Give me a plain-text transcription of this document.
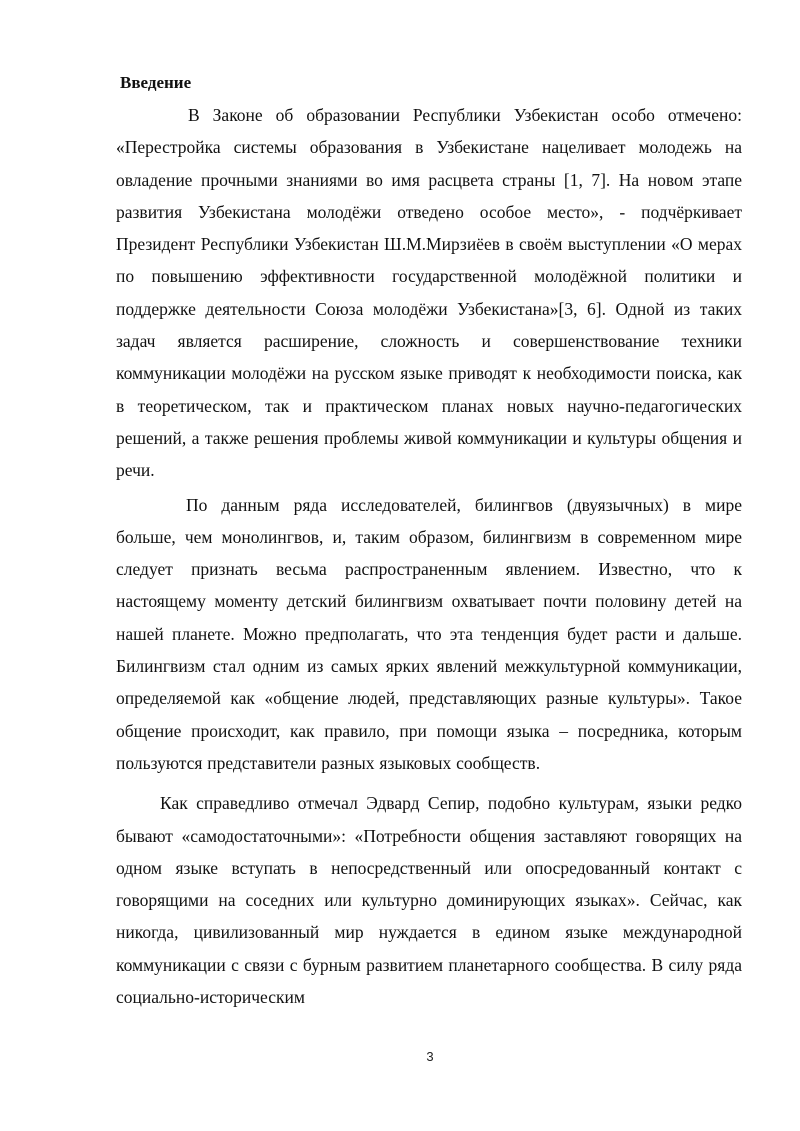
Введение

В Законе об образовании Республики Узбекистан особо отмечено: «Перестройка системы образования в Узбекистане нацеливает молодежь на овладение прочными знаниями во имя расцвета страны [1, 7]. На новом этапе развития Узбекистана молодёжи отведено особое место», - подчёркивает Президент Республики Узбекистан Ш.М.Мирзиёев в своём выступлении «О мерах по повышению эффективности государственной молодёжной политики и поддержке деятельности Союза молодёжи Узбекистана»[3, 6]. Одной из таких задач является расширение, сложность и совершенствование техники коммуникации молодёжи на русском языке приводят к необходимости поиска, как в теоретическом, так и практическом планах новых научно-педагогических решений, а также решения проблемы живой коммуникации и культуры общения и речи.

По данным ряда исследователей, билингвов (двуязычных) в мире больше, чем монолингвов, и, таким образом, билингвизм в современном мире следует признать весьма распространенным явлением. Известно, что к настоящему моменту детский билингвизм охватывает почти половину детей на нашей планете. Можно предполагать, что эта тенденция будет расти и дальше. Билингвизм стал одним из самых ярких явлений межкультурной коммуникации, определяемой как «общение людей, представляющих разные культуры». Такое общение происходит, как правило, при помощи языка – посредника, которым пользуются представители разных языковых сообществ.

Как справедливо отмечал Эдвард Сепир, подобно культурам, языки редко бывают «самодостаточными»: «Потребности общения заставляют говорящих на одном языке вступать в непосредственный или опосредованный контакт с говорящими на соседних или культурно доминирующих языках». Сейчас, как никогда, цивилизованный мир нуждается в едином языке международной коммуникации с связи с бурным развитием планетарного сообщества. В силу ряда социально-историческим

3
